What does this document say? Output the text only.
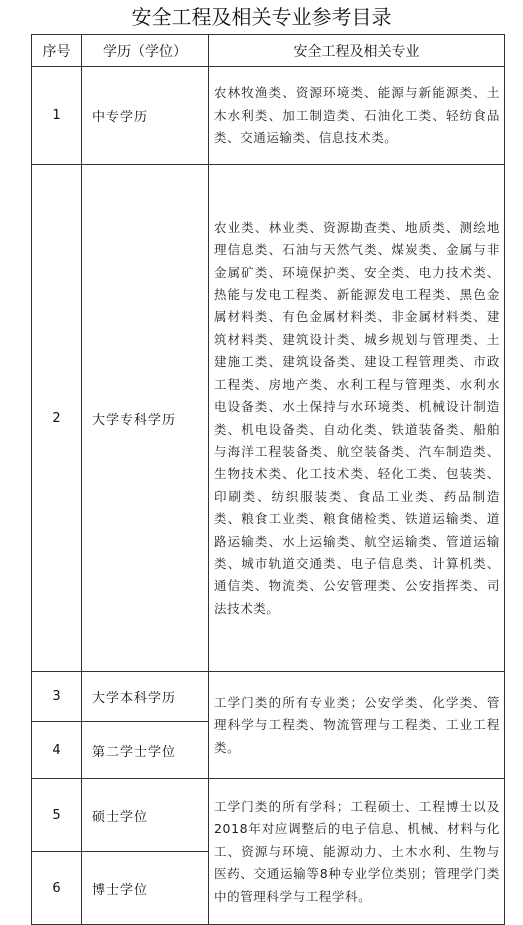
安全工程及相关专业参考目录
序号	学历（学位）	安全工程及相关专业
1	中专学历	农林牧渔类、资源环境类、能源与新能源类、土木水利类、加工制造类、石油化工类、轻纺食品类、交通运输类、信息技术类。

2	大学专科学历	农业类、林业类、资源勘查类、地质类、测绘地理信息类、石油与天然气类、煤炭类、金属与非金属矿类、环境保护类、安全类、电力技术类、热能与发电工程类、新能源发电工程类、黑色金属材料类、有色金属材料类、非金属材料类、建筑材料类、建筑设计类、城乡规划与管理类、土建施工类、建筑设备类、建设工程管理类、市政工程类、房地产类、水利工程与管理类、水利水电设备类、水土保持与水环境类、机械设计制造类、机电设备类、自动化类、铁道装备类、船舶与海洋工程装备类、航空装备类、汽车制造类、生物技术类、化工技术类、轻化工类、包装类、印刷类、纺织服装类、食品工业类、药品制造类、粮食工业类、粮食储检类、铁道运输类、道路运输类、水上运输类、航空运输类、管道运输类、城市轨道交通类、电子信息类、计算机类、通信类、物流类、公安管理类、公安指挥类、司法技术类。

3	大学本科学历	工学门类的所有专业类；公安学类、化学类、管理科学与工程类、物流管理与工程类、工业工程类。

4	第二学士学位	
5	硕士学位	工学门类的所有学科；工程硕士、工程博士以及2018年对应调整后的电子信息、机械、材料与化工、资源与环境、能源动力、土木水利、生物与医药、交通运输等8种专业学位类别；管理学门类中的管理科学与工程学科。

6	博士学位	
